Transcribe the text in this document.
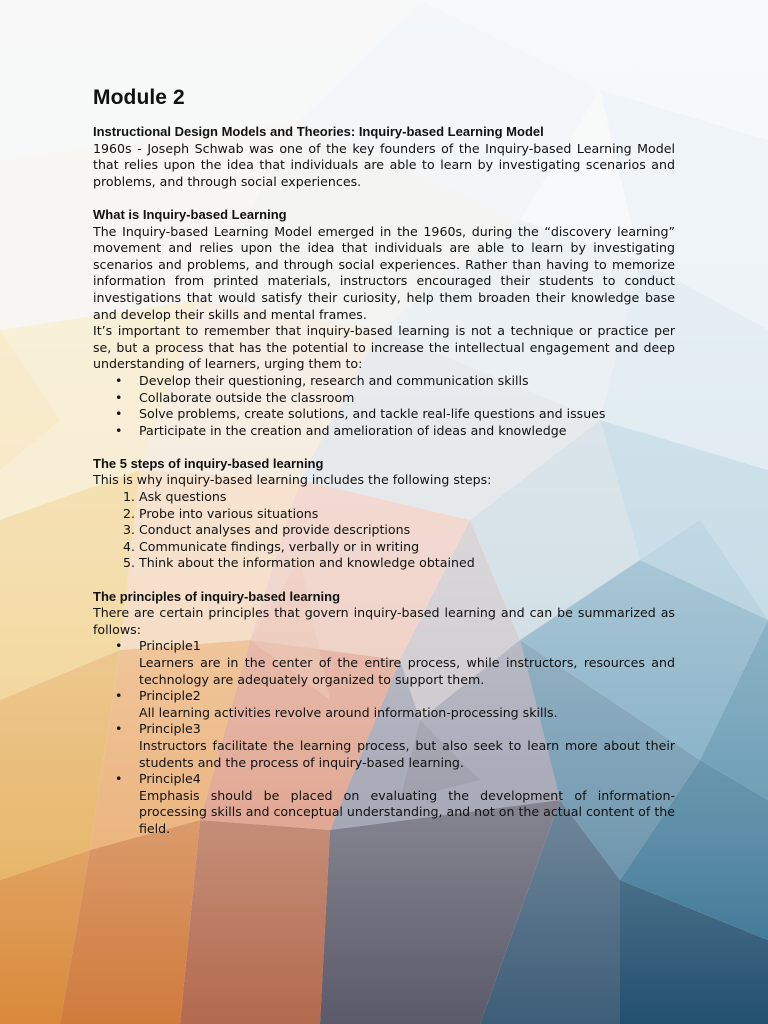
Module 2

Instructional Design Models and Theories: Inquiry-based Learning Model

1960s - Joseph Schwab was one of the key founders of the Inquiry-based Learning Model that relies upon the idea that individuals are able to learn by investigating scenarios and problems, and through social experiences.

What is Inquiry-based Learning

The Inquiry-based Learning Model emerged in the 1960s, during the “discovery learning” movement and relies upon the idea that individuals are able to learn by investigating scenarios and problems, and through social experiences. Rather than having to memorize information from printed materials, instructors encouraged their students to conduct investigations that would satisfy their curiosity, help them broaden their knowledge base and develop their skills and mental frames.

It’s important to remember that inquiry-based learning is not a technique or practice per se, but a process that has the potential to increase the intellectual engagement and deep understanding of learners, urging them to:

• Develop their questioning, research and communication skills
• Collaborate outside the classroom
• Solve problems, create solutions, and tackle real-life questions and issues
• Participate in the creation and amelioration of ideas and knowledge

The 5 steps of inquiry-based learning

This is why inquiry-based learning includes the following steps:

1. Ask questions
2. Probe into various situations
3. Conduct analyses and provide descriptions
4. Communicate findings, verbally or in writing
5. Think about the information and knowledge obtained

The principles of inquiry-based learning

There are certain principles that govern inquiry-based learning and can be summarized as follows:

• Principle1
Learners are in the center of the entire process, while instructors, resources and technology are adequately organized to support them.
• Principle2
All learning activities revolve around information-processing skills.
• Principle3
Instructors facilitate the learning process, but also seek to learn more about their students and the process of inquiry-based learning.
• Principle4
Emphasis should be placed on evaluating the development of information-processing skills and conceptual understanding, and not on the actual content of the field.
